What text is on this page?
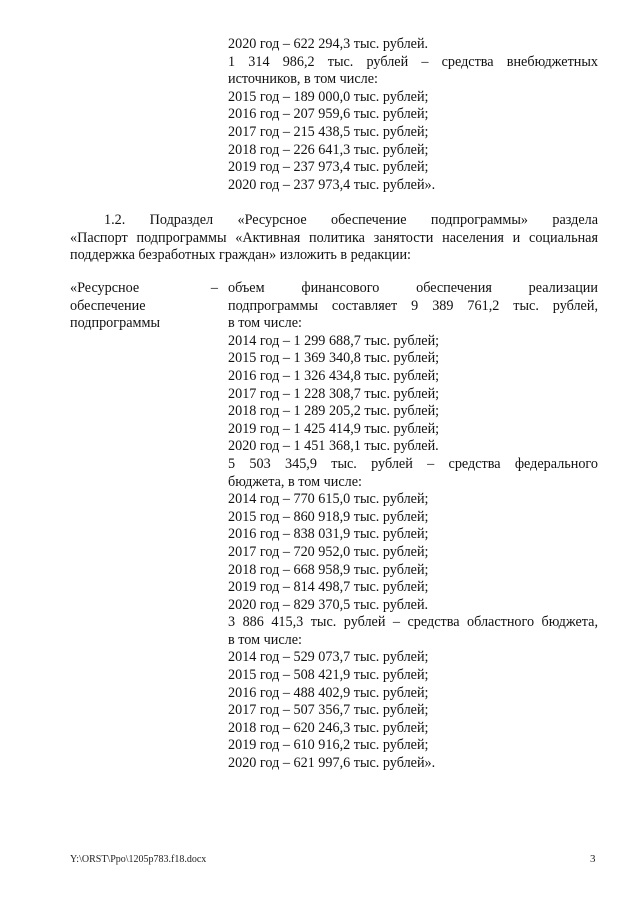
2020 год – 622 294,3 тыс. рублей.
1 314 986,2 тыс. рублей – средства внебюджетных
источников, в том числе:
2015 год – 189 000,0 тыс. рублей;
2016 год – 207 959,6 тыс. рублей;
2017 год – 215 438,5 тыс. рублей;
2018 год – 226 641,3 тыс. рублей;
2019 год – 237 973,4 тыс. рублей;
2020 год – 237 973,4 тыс. рублей».
1.2. Подраздел «Ресурсное обеспечение подпрограммы» раздела
«Паспорт подпрограммы «Активная политика занятости населения и социальная
поддержка безработных граждан» изложить в редакции:
«Ресурсное	–
обеспечение
подпрограммы
объем финансового обеспечения реализации
подпрограммы составляет 9 389 761,2 тыс. рублей,
в том числе:
2014 год – 1 299 688,7 тыс. рублей;
2015 год – 1 369 340,8 тыс. рублей;
2016 год – 1 326 434,8 тыс. рублей;
2017 год – 1 228 308,7 тыс. рублей;
2018 год – 1 289 205,2 тыс. рублей;
2019 год – 1 425 414,9 тыс. рублей;
2020 год – 1 451 368,1 тыс. рублей.
5 503 345,9 тыс. рублей – средства федерального
бюджета, в том числе:
2014 год – 770 615,0 тыс. рублей;
2015 год – 860 918,9 тыс. рублей;
2016 год – 838 031,9 тыс. рублей;
2017 год – 720 952,0 тыс. рублей;
2018 год – 668 958,9 тыс. рублей;
2019 год – 814 498,7 тыс. рублей;
2020 год – 829 370,5 тыс. рублей.
3 886 415,3 тыс. рублей – средства областного бюджета,
в том числе:
2014 год – 529 073,7 тыс. рублей;
2015 год – 508 421,9 тыс. рублей;
2016 год – 488 402,9 тыс. рублей;
2017 год – 507 356,7 тыс. рублей;
2018 год – 620 246,3 тыс. рублей;
2019 год – 610 916,2 тыс. рублей;
2020 год – 621 997,6 тыс. рублей».
Y:\ORST\Ppo\1205p783.f18.docx	3
